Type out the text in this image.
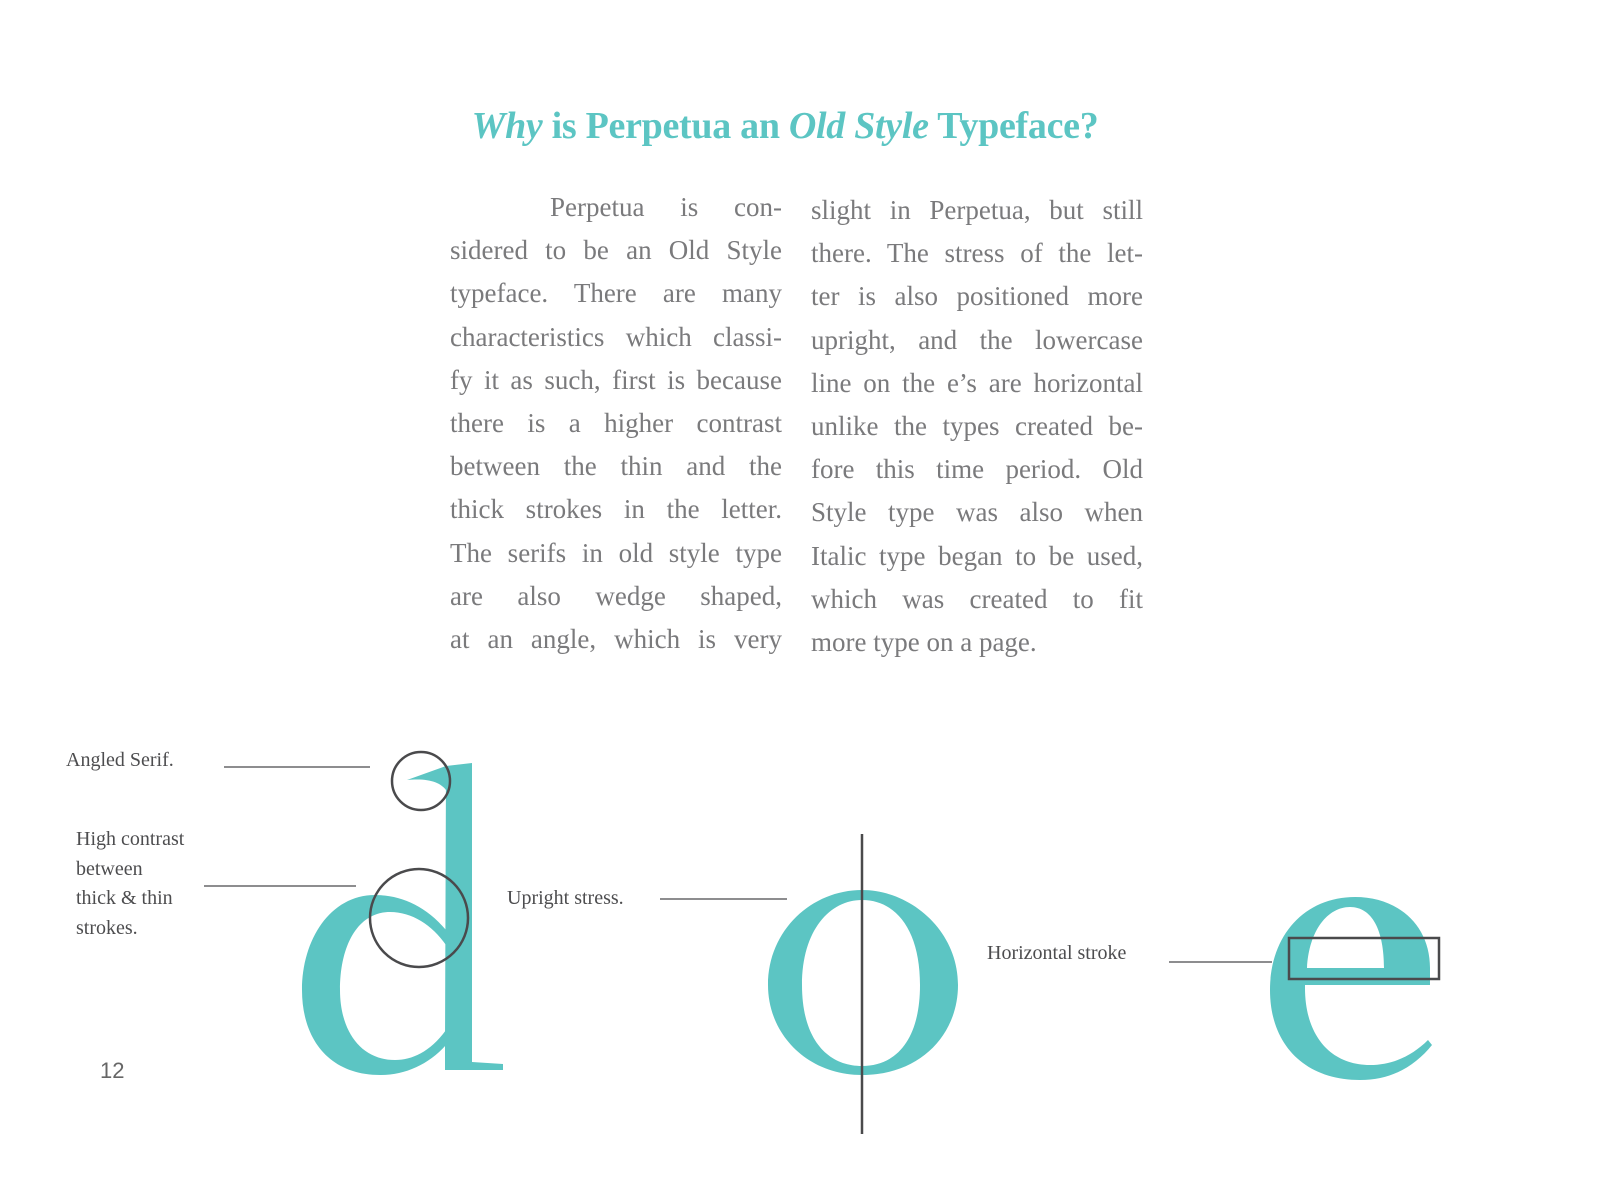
Why is Perpetua an Old Style Typeface?
Perpetua is con-
sidered to be an Old Style
typeface. There are many
characteristics which classi-
fy it as such, first is because
there is a higher contrast
between the thin and the
thick strokes in the letter.
The serifs in old style type
are also wedge shaped,
at an angle, which is very
slight in Perpetua, but still
there. The stress of the let-
ter is also positioned more
upright, and the lowercase
line on the e’s are horizontal
unlike the types created be-
fore this time period. Old
Style type was also when
Italic type began to be used,
which was created to fit
more type on a page.
Angled Serif.
High contrast
between
thick & thin
strokes.
Upright stress.
Horizontal stroke
12
